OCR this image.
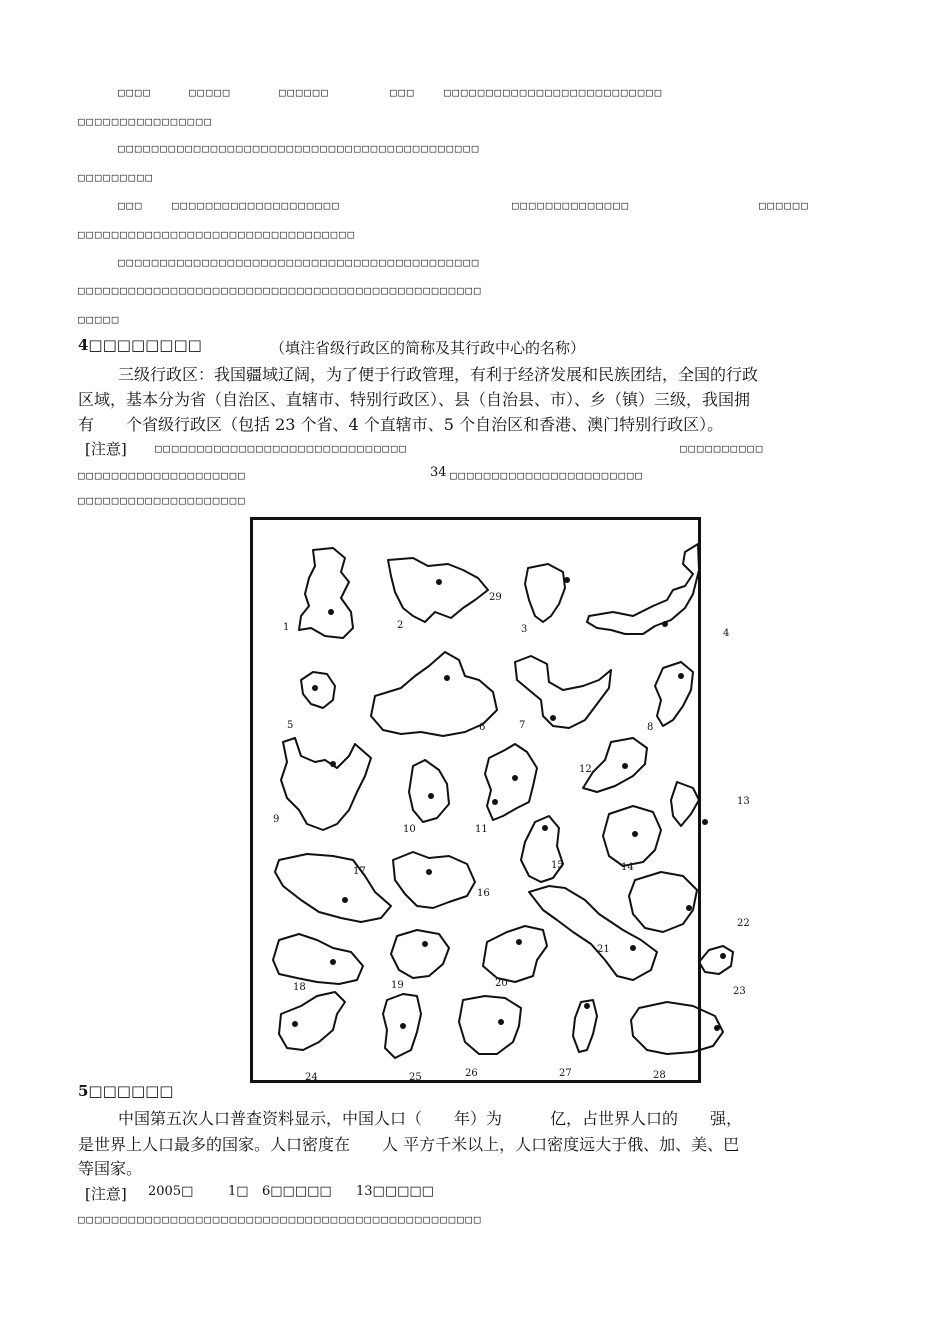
□□□□	□□□□□	□□□□□□	□□□	□□□□□□□□□□□□□□□□□□□□□□□□□□
□□□□□□□□□□□□□□□□
□□□□□□□□□□□□□□□□□□□□□□□□□□□□□□□□□□□□□□□□□□□
□□□□□□□□□
□□□	□□□□□□□□□□□□□□□□□□□□	□□□□□□□□□□□□□□	□□□□□□
□□□□□□□□□□□□□□□□□□□□□□□□□□□□□□□□□
□□□□□□□□□□□□□□□□□□□□□□□□□□□□□□□□□□□□□□□□□□□
□□□□□□□□□□□□□□□□□□□□□□□□□□□□□□□□□□□□□□□□□□□□□□□□
□□□□□
4□□□□□□□□	（填注省级行政区的简称及其行政中心的名称）
三级行政区：我国疆域辽阔，为了便于行政管理，有利于经济发展和民族团结，全国的行政
区域，基本分为省（自治区、直辖市、特别行政区）、县（自治县、市）、乡（镇）三级，我国拥
有　　个省级行政区（包括 23 个省、4 个直辖市、5 个自治区和香港、澳门特别行政区）。
[注意]	□□□□□□□□□□□□□□□□□□□□□□□□□□□□□□	□□□□□□□□□□
□□□□□□□□□□□□□□□□□□□□	34 □□□□□□□□□□□□□□□□□□□□□□□
□□□□□□□□□□□□□□□□□□□□
1	2
29
3	4
5	6	7	8
9
10	11
12
13
14
15
16
17
18	19	20
21
22
23
24	25	26	27	28
5□□□□□□
中国第五次人口普查资料显示，中国人口（　　年）为　　　亿，占世界人口的　　强，
是世界上人口最多的国家。人口密度在　　人 平方千米以上，人口密度远大于俄、加、美、巴
等国家。
[注意] 2005□	1□ 6□□□□□ 13□□□□□
□□□□□□□□□□□□□□□□□□□□□□□□□□□□□□□□□□□□□□□□□□□□□□□□
